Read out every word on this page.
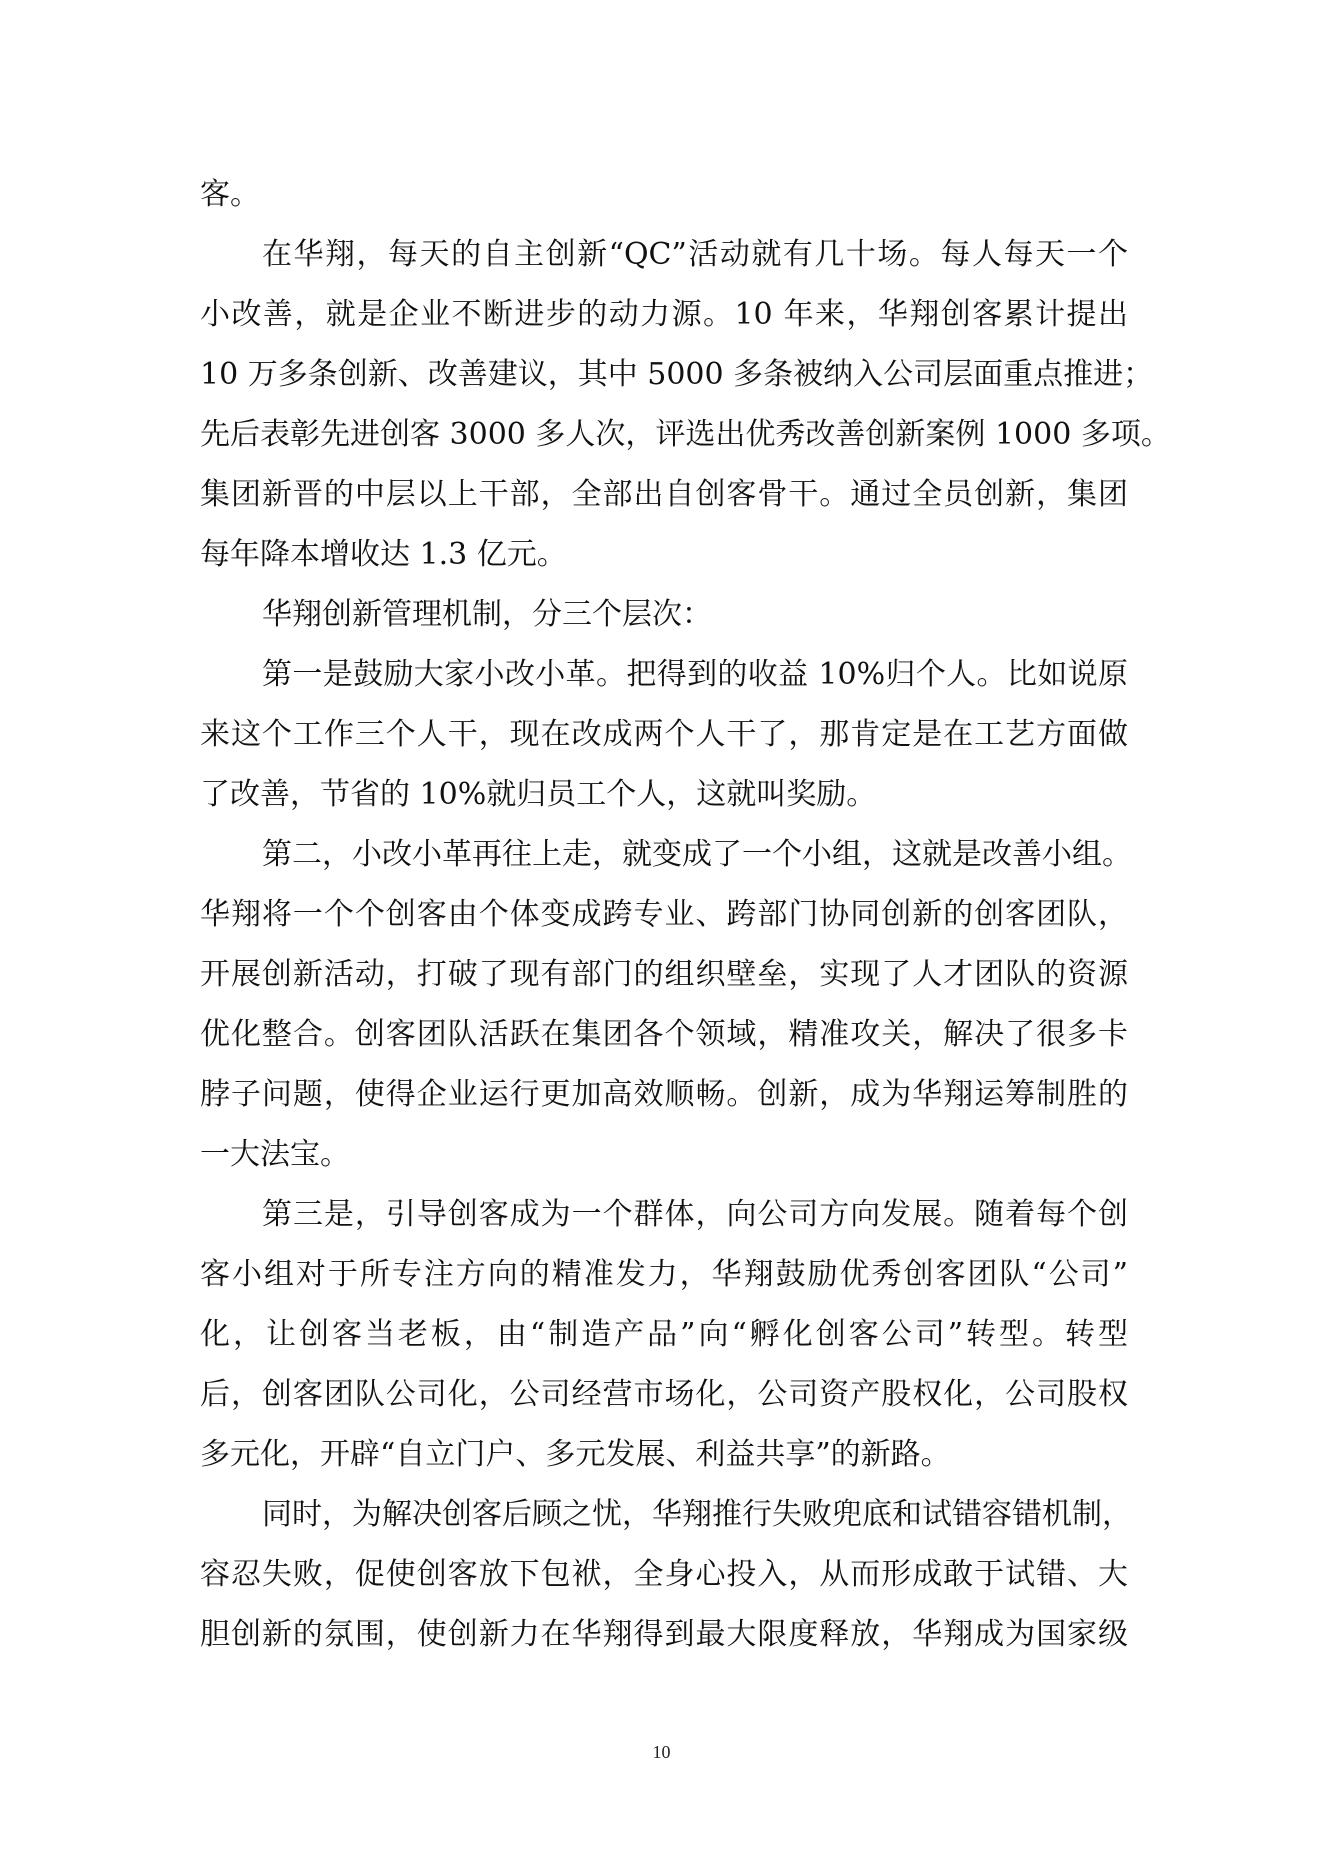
客。
在华翔，每天的自主创新“QC”活动就有几十场。每人每天一个
小改善，就是企业不断进步的动力源。10 年来，华翔创客累计提出
10 万多条创新、改善建议，其中 5000 多条被纳入公司层面重点推进；
先后表彰先进创客 3000 多人次，评选出优秀改善创新案例 1000 多项。
集团新晋的中层以上干部，全部出自创客骨干。通过全员创新，集团
每年降本增收达 1.3 亿元。
华翔创新管理机制，分三个层次：
第一是鼓励大家小改小革。把得到的收益 10%归个人。比如说原
来这个工作三个人干，现在改成两个人干了，那肯定是在工艺方面做
了改善，节省的 10%就归员工个人，这就叫奖励。
第二，小改小革再往上走，就变成了一个小组，这就是改善小组。
华翔将一个个创客由个体变成跨专业、跨部门协同创新的创客团队，
开展创新活动，打破了现有部门的组织壁垒，实现了人才团队的资源
优化整合。创客团队活跃在集团各个领域，精准攻关，解决了很多卡
脖子问题，使得企业运行更加高效顺畅。创新，成为华翔运筹制胜的
一大法宝。
第三是，引导创客成为一个群体，向公司方向发展。随着每个创
客小组对于所专注方向的精准发力，华翔鼓励优秀创客团队“公司”
化，让创客当老板，由“制造产品”向“孵化创客公司”转型。转型
后，创客团队公司化，公司经营市场化，公司资产股权化，公司股权
多元化，开辟“自立门户、多元发展、利益共享”的新路。
同时，为解决创客后顾之忧，华翔推行失败兜底和试错容错机制，
容忍失败，促使创客放下包袱，全身心投入，从而形成敢于试错、大
胆创新的氛围，使创新力在华翔得到最大限度释放，华翔成为国家级
10
